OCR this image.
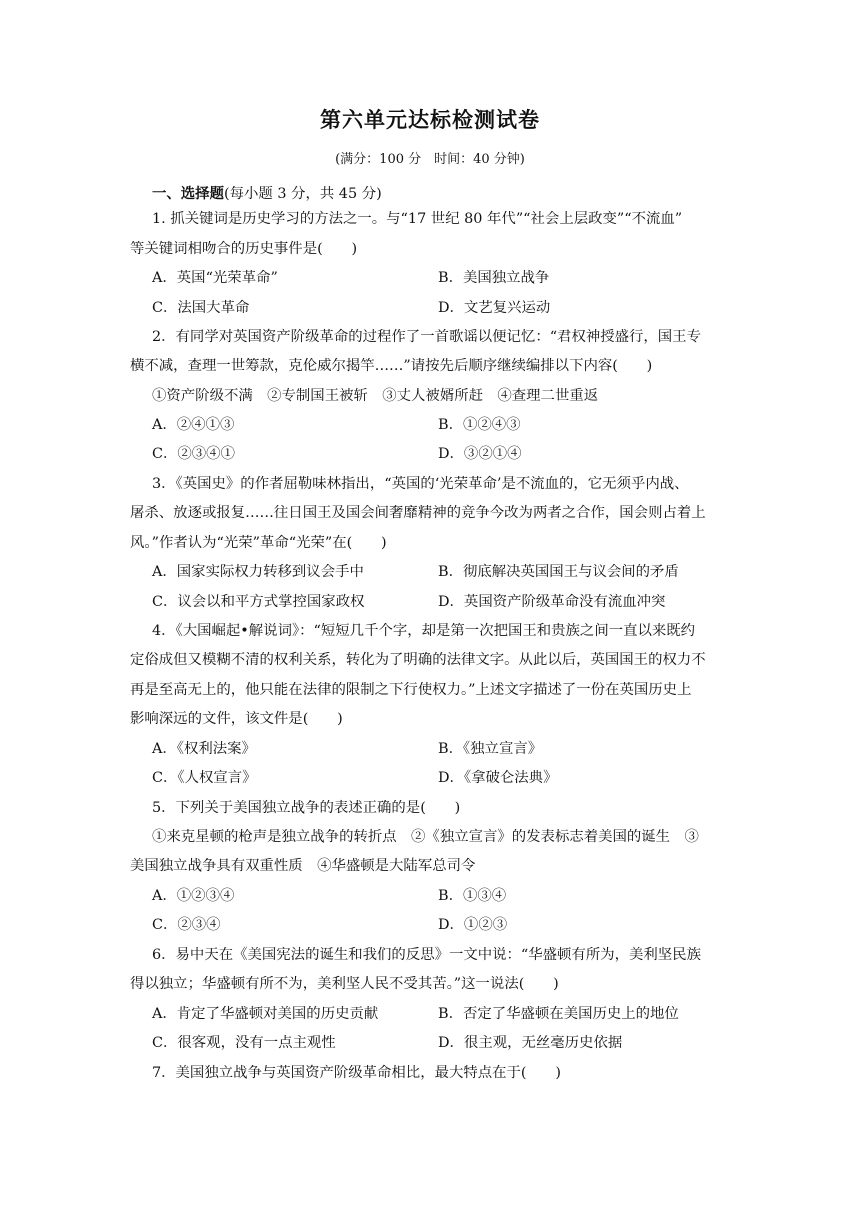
第六单元达标检测试卷
(满分：100 分　时间：40 分钟)
一、选择题(每小题 3 分，共 45 分)
1. 抓关键词是历史学习的方法之一。与“17 世纪 80 年代”“社会上层政变”“不流血”
等关键词相吻合的历史事件是(　　)
A．英国“光荣革命”	B．美国独立战争
C．法国大革命	D．文艺复兴运动
2．有同学对英国资产阶级革命的过程作了一首歌谣以便记忆：“君权神授盛行，国王专
横不减，查理一世筹款，克伦威尔揭竿……”请按先后顺序继续编排以下内容(　　)
①资产阶级不满　②专制国王被斩　③丈人被婿所赶　④查理二世重返
A．②④①③	B．①②④③
C．②③④①	D．③②①④
3．《英国史》的作者屈勒味林指出，“英国的‘光荣革命’是不流血的，它无须乎内战、
屠杀、放逐或报复……往日国王及国会间奢靡精神的竞争今改为两者之合作，国会则占着上
风。”作者认为“光荣”革命“光荣”在(　　)
A．国家实际权力转移到议会手中	B．彻底解决英国国王与议会间的矛盾
C．议会以和平方式掌控国家政权	D．英国资产阶级革命没有流血冲突
4．《大国崛起•解说词》：“短短几千个字，却是第一次把国王和贵族之间一直以来既约
定俗成但又模糊不清的权利关系，转化为了明确的法律文字。从此以后，英国国王的权力不
再是至高无上的，他只能在法律的限制之下行使权力。”上述文字描述了一份在英国历史上
影响深远的文件，该文件是(　　)
A．《权利法案》	B．《独立宣言》
C．《人权宣言》	D．《拿破仑法典》
5．下列关于美国独立战争的表述正确的是(　　)
①来克星顿的枪声是独立战争的转折点　②《独立宣言》的发表标志着美国的诞生　③
美国独立战争具有双重性质　④华盛顿是大陆军总司令
A．①②③④	B．①③④
C．②③④	D．①②③
6．易中天在《美国宪法的诞生和我们的反思》一文中说：“华盛顿有所为，美利坚民族
得以独立；华盛顿有所不为，美利坚人民不受其苦。”这一说法(　　)
A．肯定了华盛顿对美国的历史贡献	B．否定了华盛顿在美国历史上的地位
C．很客观，没有一点主观性	D．很主观，无丝毫历史依据
7．美国独立战争与英国资产阶级革命相比，最大特点在于(　　)
